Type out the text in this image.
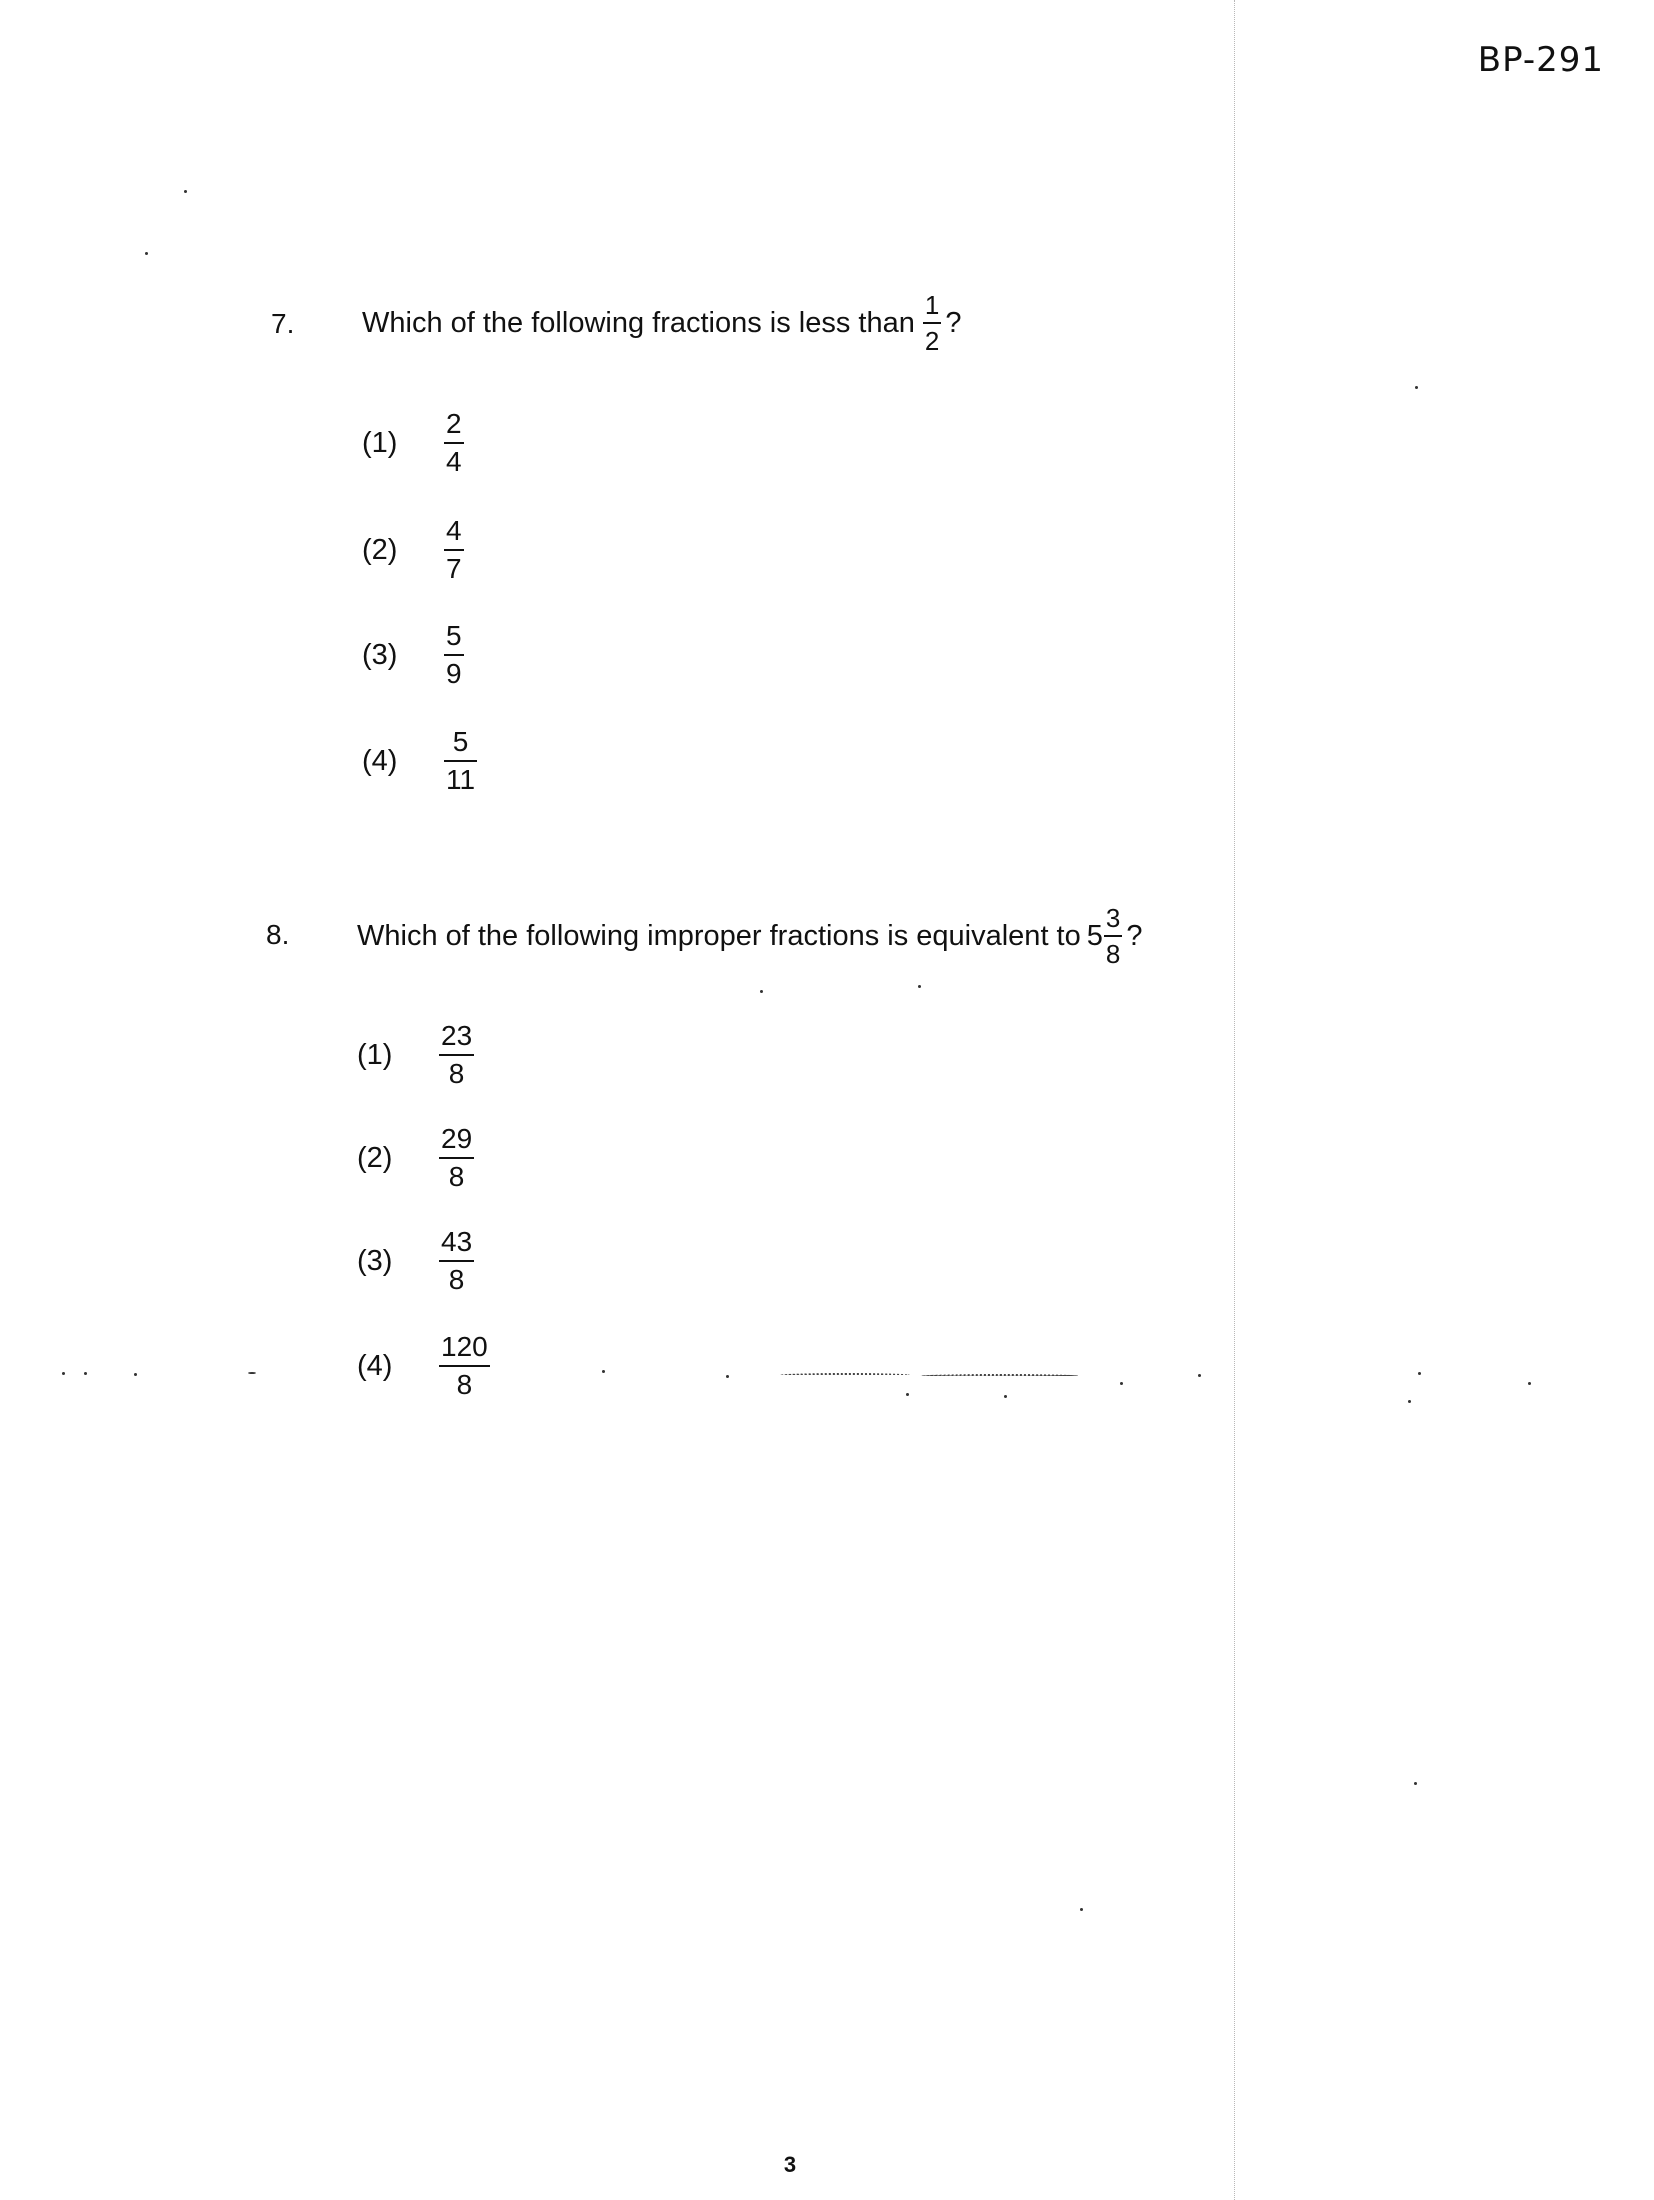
BP-291
7. Which of the following fractions is less than $\frac{1}{2}$ ?
(1)	$\frac{2}{4}$
(2)	$\frac{4}{7}$
(3)	$\frac{5}{9}$
(4)	$\frac{5}{11}$
8. Which of the following improper fractions is equivalent to $5 \frac{3}{8}$ ?
(1)	$\frac{23}{8}$
(2)	$\frac{29}{8}$
(3)	$\frac{43}{8}$
(4)	$\frac{120}{8}$
3
